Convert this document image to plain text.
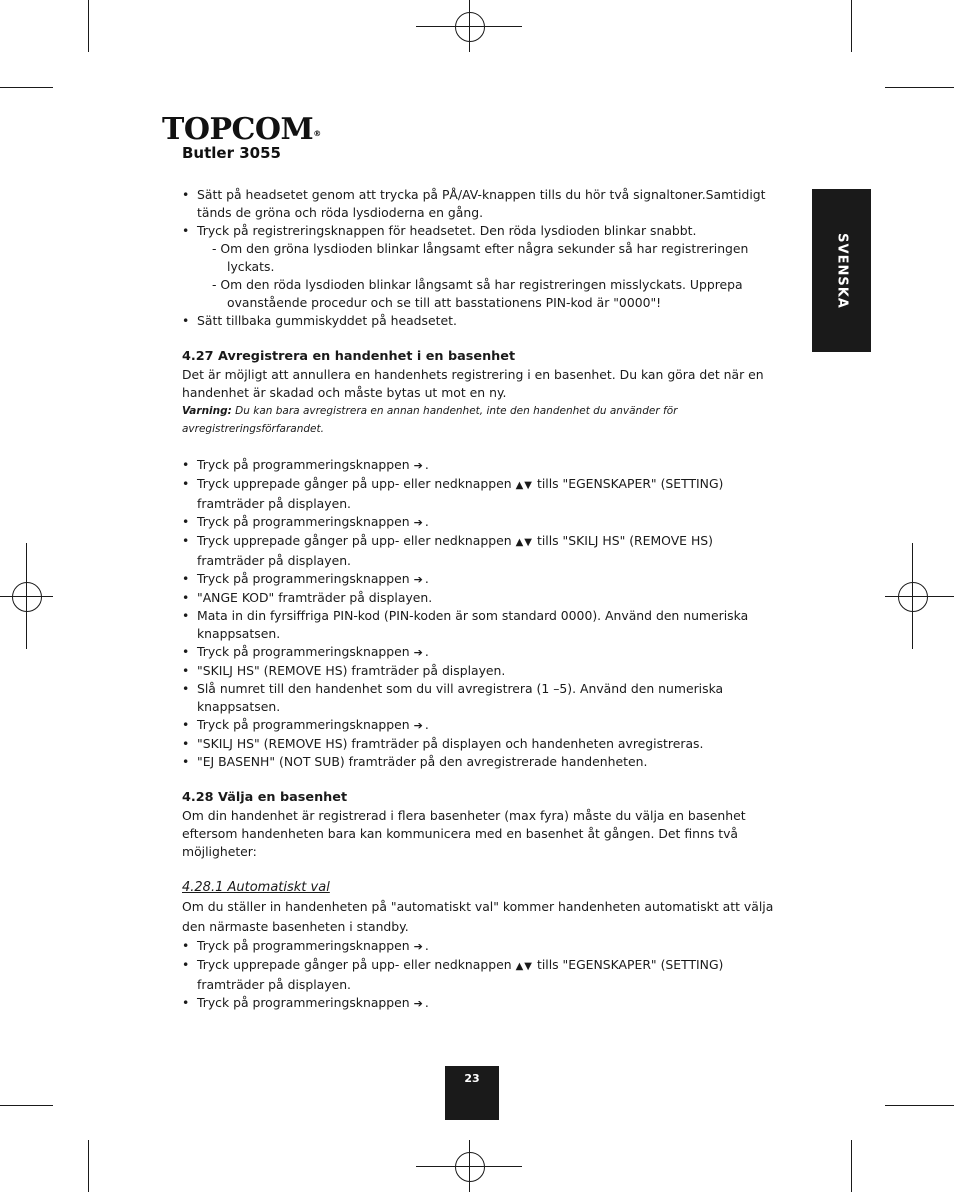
TOPCOM®
Butler 3055
SVENSKA
• Sätt på headsetet genom att trycka på PÅ/AV-knappen tills du hör två signaltoner.Samtidigt tänds de gröna och röda lysdioderna en gång.
• Tryck på registreringsknappen för headsetet. Den röda lysdioden blinkar snabbt.
- Om den gröna lysdioden blinkar långsamt efter några sekunder så har registreringen lyckats.
- Om den röda lysdioden blinkar långsamt så har registreringen misslyckats. Upprepa ovanstående procedur och se till att basstationens PIN-kod är "0000"!
• Sätt tillbaka gummiskyddet på headsetet.
4.27 Avregistrera en handenhet i en basenhet

Det är möjligt att annullera en handenhets registrering i en basenhet. Du kan göra det när en handenhet är skadad och måste bytas ut mot en ny.

Varning: Du kan bara avregistrera en annan handenhet, inte den handenhet du använder för avregistreringsförfarandet.

• Tryck på programmeringsknappen ➔ .
• Tryck upprepade gånger på upp- eller nedknappen ▲▼ tills "EGENSKAPER" (SETTING) framträder på displayen.
• Tryck på programmeringsknappen ➔ .
• Tryck upprepade gånger på upp- eller nedknappen ▲▼ tills "SKILJ HS" (REMOVE HS) framträder på displayen.
• Tryck på programmeringsknappen ➔ .
• "ANGE KOD" framträder på displayen.
• Mata in din fyrsiffriga PIN-kod (PIN-koden är som standard 0000). Använd den numeriska knappsatsen.
• Tryck på programmeringsknappen ➔ .
• "SKILJ HS" (REMOVE HS) framträder på displayen.
• Slå numret till den handenhet som du vill avregistrera (1 –5). Använd den numeriska knappsatsen.
• Tryck på programmeringsknappen ➔ .
• "SKILJ HS" (REMOVE HS) framträder på displayen och handenheten avregistreras.
• "EJ BASENH" (NOT SUB) framträder på den avregistrerade handenheten.
4.28 Välja en basenhet

Om din handenhet är registrerad i flera basenheter (max fyra) måste du välja en basenhet eftersom handenheten bara kan kommunicera med en basenhet åt gången. Det finns två möjligheter:

4.28.1 Automatiskt val

Om du ställer in handenheten på "automatiskt val" kommer handenheten automatiskt att välja den närmaste basenheten i standby.

• Tryck på programmeringsknappen ➔ .
• Tryck upprepade gånger på upp- eller nedknappen ▲▼ tills "EGENSKAPER" (SETTING) framträder på displayen.
• Tryck på programmeringsknappen ➔ .
23
